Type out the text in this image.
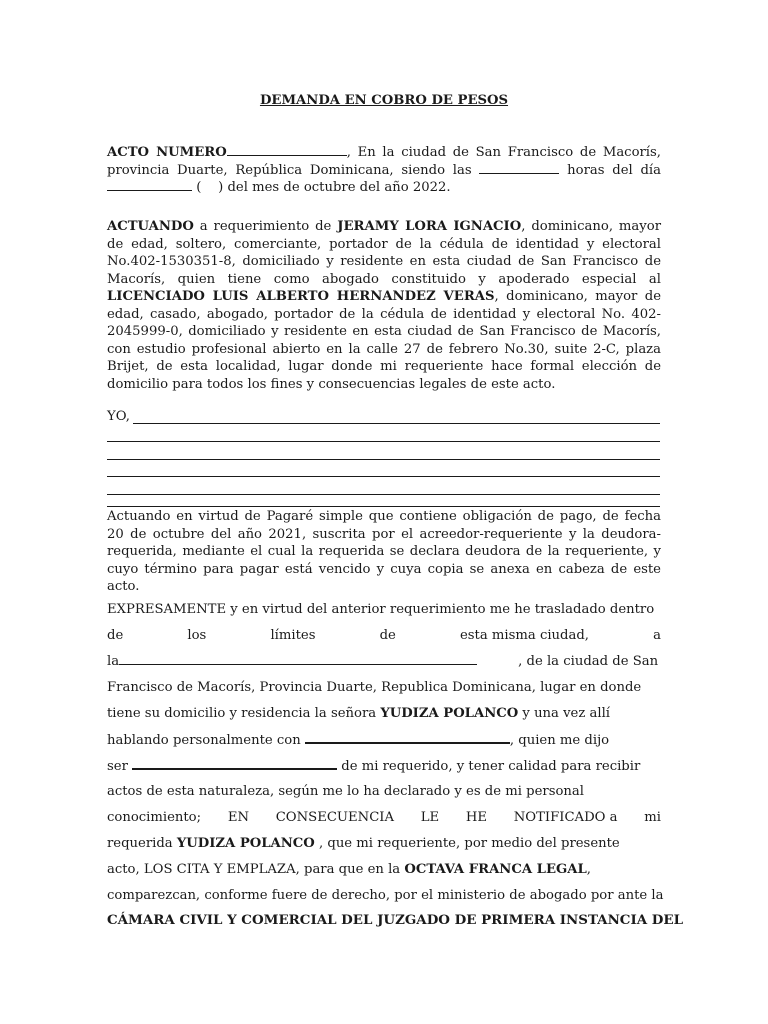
DEMANDA EN COBRO DE PESOS

ACTO NUMERO	, En la ciudad de San Francisco de Macorís, provincia Duarte, República Dominicana, siendo las	horas del día  ( ) del mes de octubre del año 2022.

ACTUANDO a requerimiento de JERAMY LORA IGNACIO, dominicano, mayor de edad, soltero, comerciante, portador de la cédula de identidad y electoral No.402-1530351-8, domiciliado y residente en esta ciudad de San Francisco de Macorís, quien tiene como abogado constituido y apoderado especial al LICENCIADO LUIS ALBERTO HERNANDEZ VERAS, dominicano, mayor de edad, casado, abogado, portador de la cédula de identidad y electoral No. 402-2045999-0, domiciliado y residente en esta ciudad de San Francisco de Macorís, con estudio profesional abierto en la calle 27 de febrero No.30, suite 2-C, plaza Brijet, de esta localidad, lugar donde mi requeriente hace formal elección de domicilio para todos los fines y consecuencias legales de este acto.

YO,

Actuando en virtud de Pagaré simple que contiene obligación de pago, de fecha 20 de octubre del año 2021, suscrita por el acreedor-requeriente y la deudora-requerida, mediante el cual la requerida se declara deudora de la requeriente, y cuyo término para pagar está vencido y cuya copia se anexa en cabeza de este acto.

EXPRESAMENTE y en virtud del anterior requerimiento me he trasladado dentro
de	los	límites	de	esta misma ciudad,	a
la	, de la ciudad de San
Francisco de Macorís, Provincia Duarte, Republica Dominicana, lugar en donde
tiene su domicilio y residencia la señora YUDIZA POLANCO y una vez allí
hablando personalmente con	, quien me dijo
ser	de mi requerido, y tener calidad para recibir
actos de esta naturaleza, según me lo ha declarado y es de mi personal
conocimiento; EN CONSECUENCIA LE HE NOTIFICADO a mi
requerida YUDIZA POLANCO , que mi requeriente, por medio del presente
acto, LOS CITA Y EMPLAZA, para que en la OCTAVA FRANCA LEGAL,
comparezcan, conforme fuere de derecho, por el ministerio de abogado por ante la
CÁMARA CIVIL Y COMERCIAL DEL JUZGADO DE PRIMERA INSTANCIA DEL
